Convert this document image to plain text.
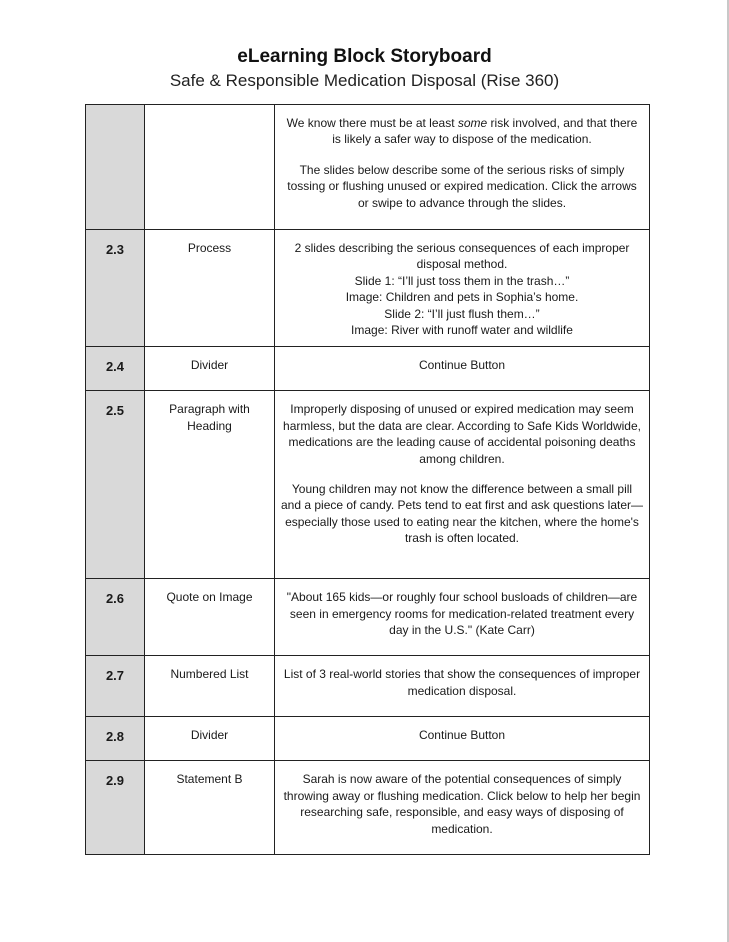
eLearning Block Storyboard
Safe & Responsible Medication Disposal (Rise 360)

		We know there must be at least some risk involved, and that there is likely a safer way to dispose of the medication.

The slides below describe some of the serious risks of simply tossing or flushing unused or expired medication. Click the arrows or swipe to advance through the slides.

2.3	Process	2 slides describing the serious consequences of each improper disposal method.
Slide 1: “I’ll just toss them in the trash…”
Image: Children and pets in Sophia’s home.
Slide 2: “I’ll just flush them…”
Image: River with runoff water and wildlife

2.4	Divider	Continue Button

2.5	Paragraph with Heading	Improperly disposing of unused or expired medication may seem harmless, but the data are clear. According to Safe Kids Worldwide, medications are the leading cause of accidental poisoning deaths among children.

Young children may not know the difference between a small pill and a piece of candy. Pets tend to eat first and ask questions later—especially those used to eating near the kitchen, where the home's trash is often located.

2.6	Quote on Image	"About 165 kids—or roughly four school busloads of children—are seen in emergency rooms for medication-related treatment every day in the U.S." (Kate Carr)

2.7	Numbered List	List of 3 real-world stories that show the consequences of improper medication disposal.

2.8	Divider	Continue Button

2.9	Statement B	Sarah is now aware of the potential consequences of simply throwing away or flushing medication. Click below to help her begin researching safe, responsible, and easy ways of disposing of medication.
